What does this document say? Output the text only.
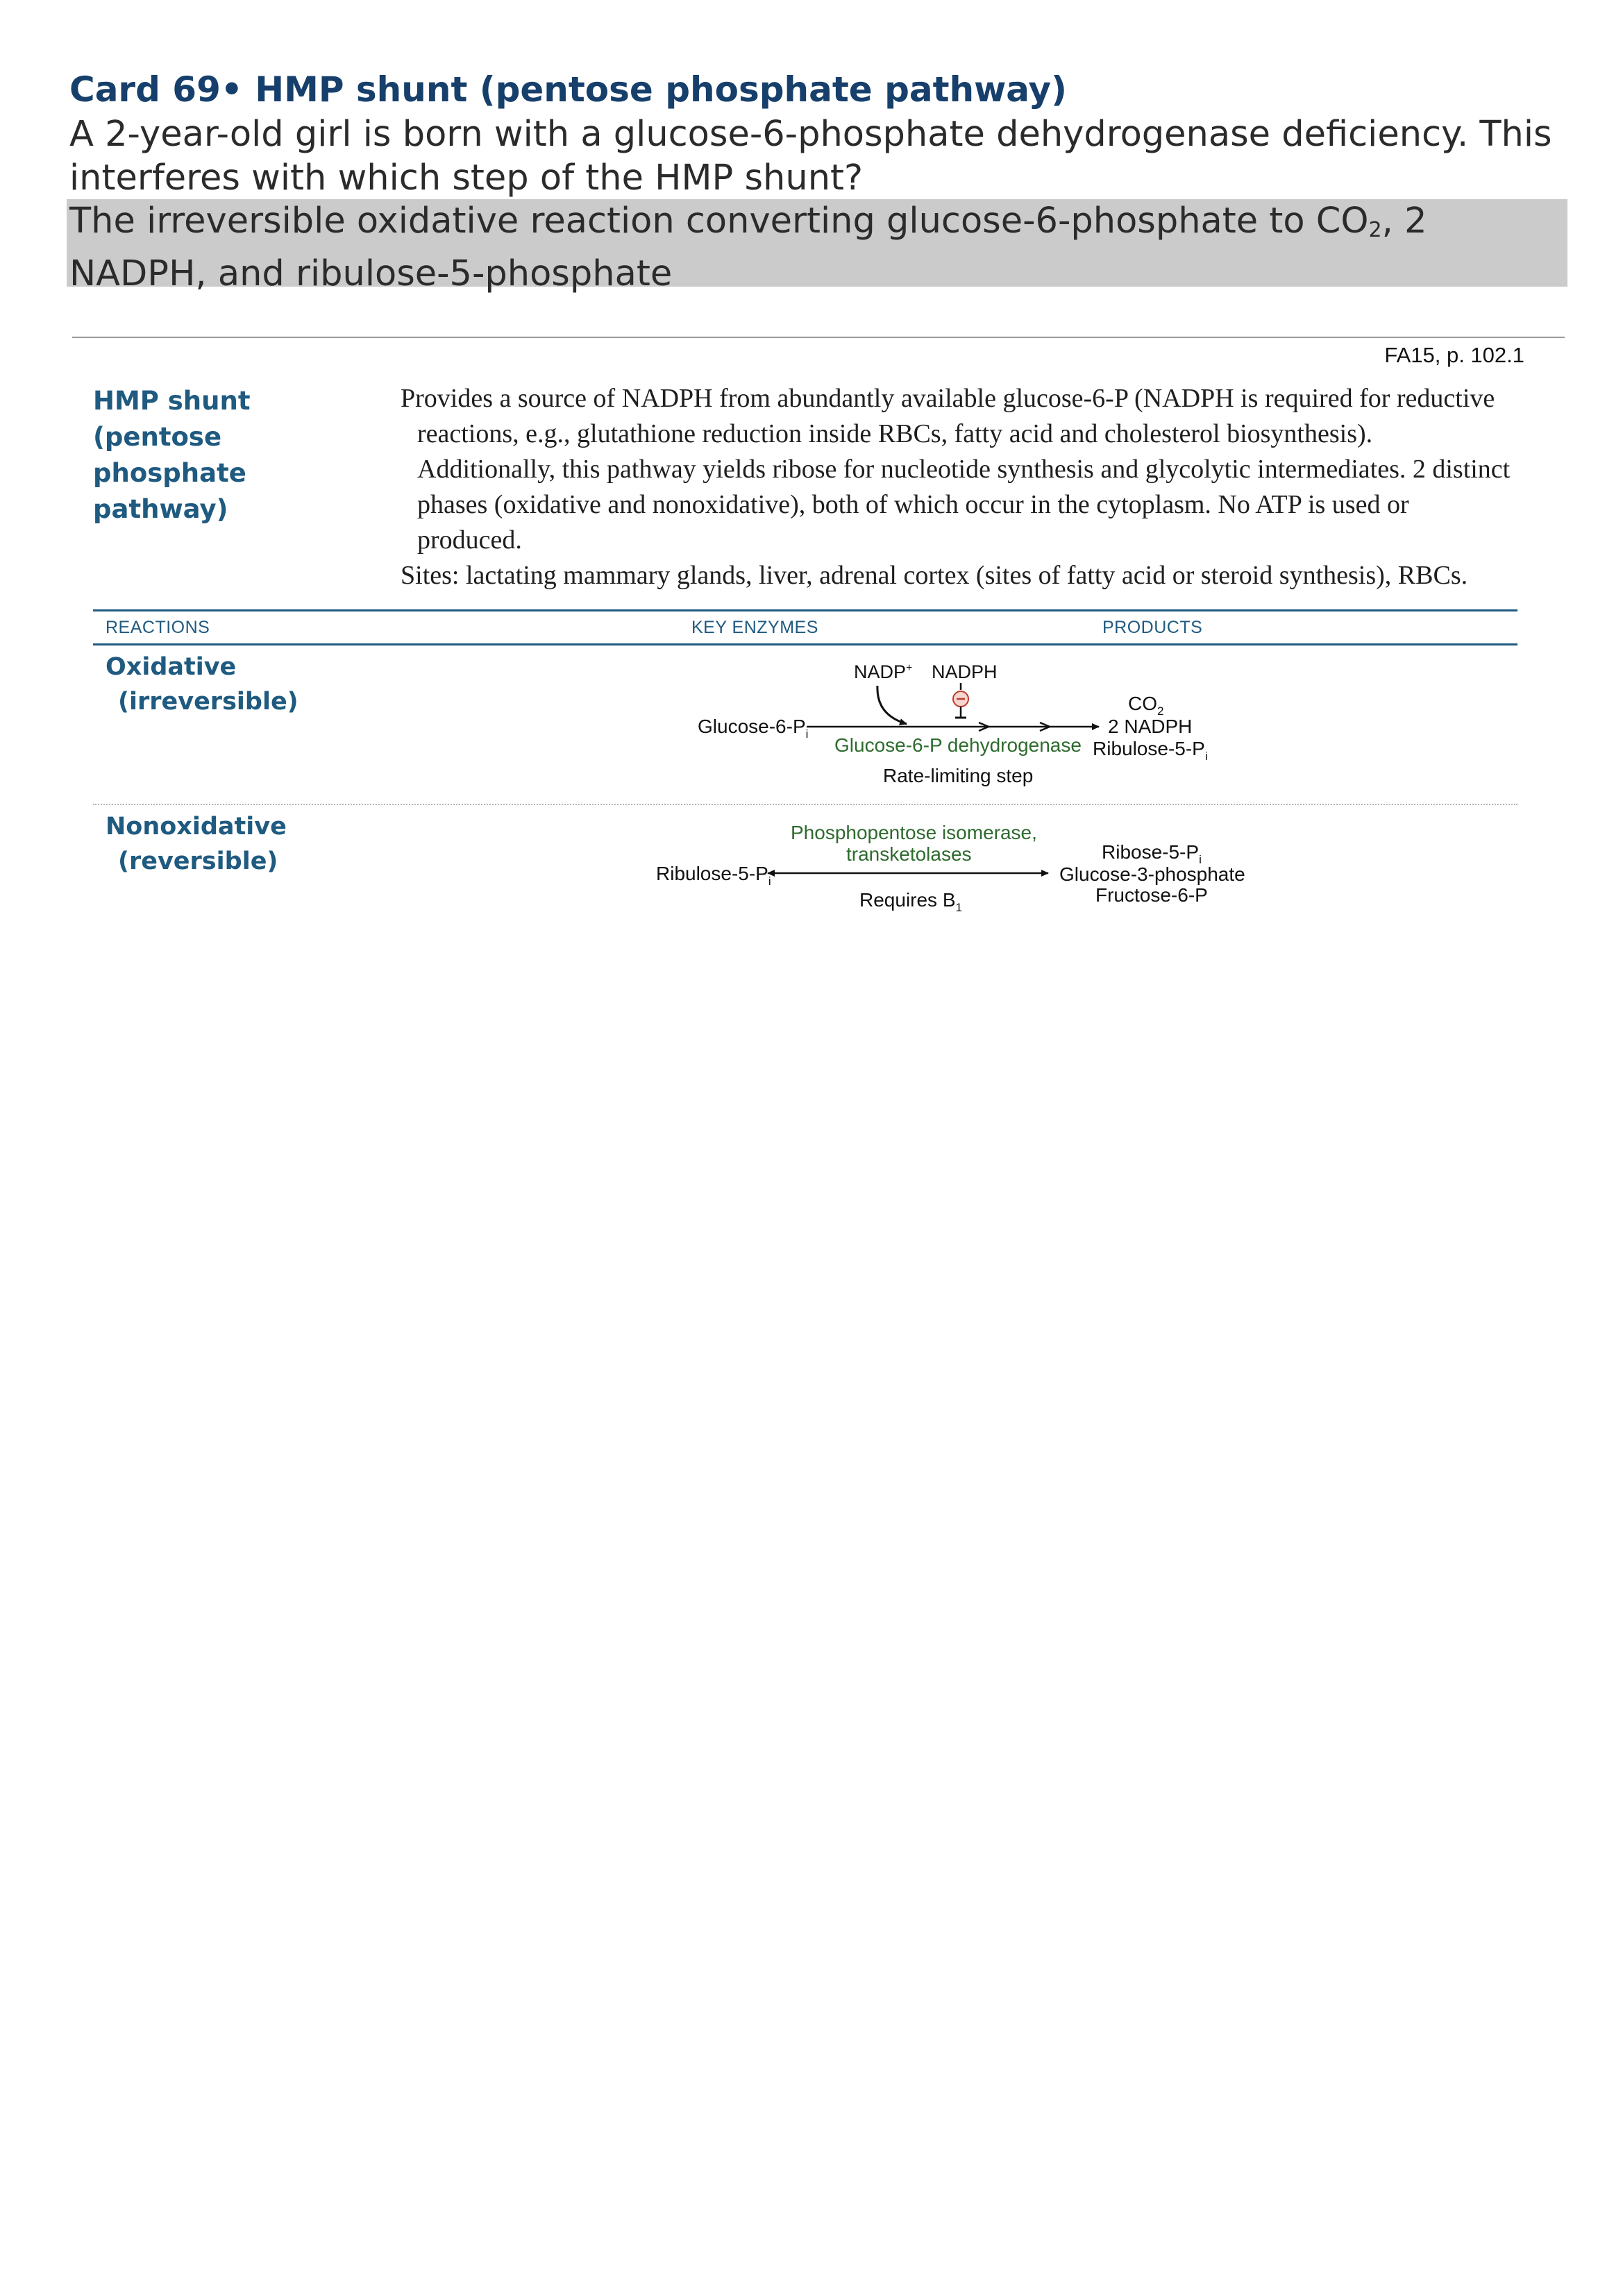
Card 69• HMP shunt (pentose phosphate pathway)
A 2-year-old girl is born with a glucose-6-phosphate dehydrogenase deficiency. This interferes with which step of the HMP shunt?
The irreversible oxidative reaction converting glucose-6-phosphate to $CO_2$, 2 NADPH, and ribulose-5-phosphate
FA15, p. 102.1
HMP shunt (pentose phosphate pathway)

Provides a source of NADPH from abundantly available glucose-6-P (NADPH is required for reductive reactions, e.g., glutathione reduction inside RBCs, fatty acid and cholesterol biosynthesis). Additionally, this pathway yields ribose for nucleotide synthesis and glycolytic intermediates. 2 distinct phases (oxidative and nonoxidative), both of which occur in the cytoplasm. No ATP is used or produced.

Sites: lactating mammary glands, liver, adrenal cortex (sites of fatty acid or steroid synthesis), RBCs.

REACTIONS	KEY ENZYMES	PRODUCTS
Oxidative
(irreversible)
Nonoxidative
(reversible)
Glucose-$6-P_i$
NADP+ NADPH
Glucose-6-P dehydrogenase
Rate-limiting step
$CO_2$
2 NADPH
Ribulose-$5-P_i$
Phosphopentose isomerase,
transketolases
Ribulose-$5-P_i$
Requires $B_1$
Ribose-$5-P_i$
Glucose-3-phosphate
Fructose-6-P
